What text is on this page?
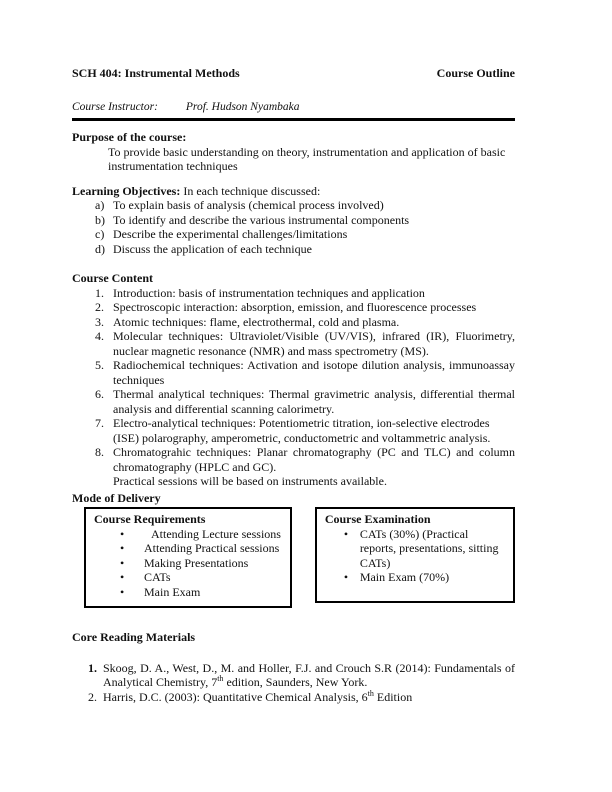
SCH 404: Instrumental Methods	Course Outline
Course Instructor: Prof. Hudson Nyambaka
Purpose of the course:
To provide basic understanding on theory, instrumentation and application of basic instrumentation techniques
Learning Objectives: In each technique discussed:
a) To explain basis of analysis (chemical process involved)
b) To identify and describe the various instrumental components
c) Describe the experimental challenges/limitations
d) Discuss the application of each technique
Course Content
1. Introduction: basis of instrumentation techniques and application
2. Spectroscopic interaction: absorption, emission, and fluorescence processes
3. Atomic techniques: flame, electrothermal, cold and plasma.
4. Molecular techniques: Ultraviolet/Visible (UV/VIS), infrared (IR), Fluorimetry, nuclear magnetic resonance (NMR) and mass spectrometry (MS).
5. Radiochemical techniques: Activation and isotope dilution analysis, immunoassay techniques
6. Thermal analytical techniques: Thermal gravimetric analysis, differential thermal analysis and differential scanning calorimetry.
7. Electro-analytical techniques: Potentiometric titration, ion-selective electrodes (ISE) polarography, amperometric, conductometric and voltammetric analysis.
8. Chromatograhic techniques: Planar chromatography (PC and TLC) and column chromatography (HPLC and GC).
Practical sessions will be based on instruments available.
Mode of Delivery
Course Requirements
• Attending Lecture sessions
• Attending Practical sessions
• Making Presentations
• CATs
• Main Exam
Course Examination
• CATs (30%) (Practical reports, presentations, sitting CATs)
• Main Exam (70%)
Core Reading Materials
1. Skoog, D. A., West, D., M. and Holler, F.J. and Crouch S.R (2014): Fundamentals of Analytical Chemistry, 7th edition, Saunders, New York.
2. Harris, D.C. (2003): Quantitative Chemical Analysis, 6th Edition
